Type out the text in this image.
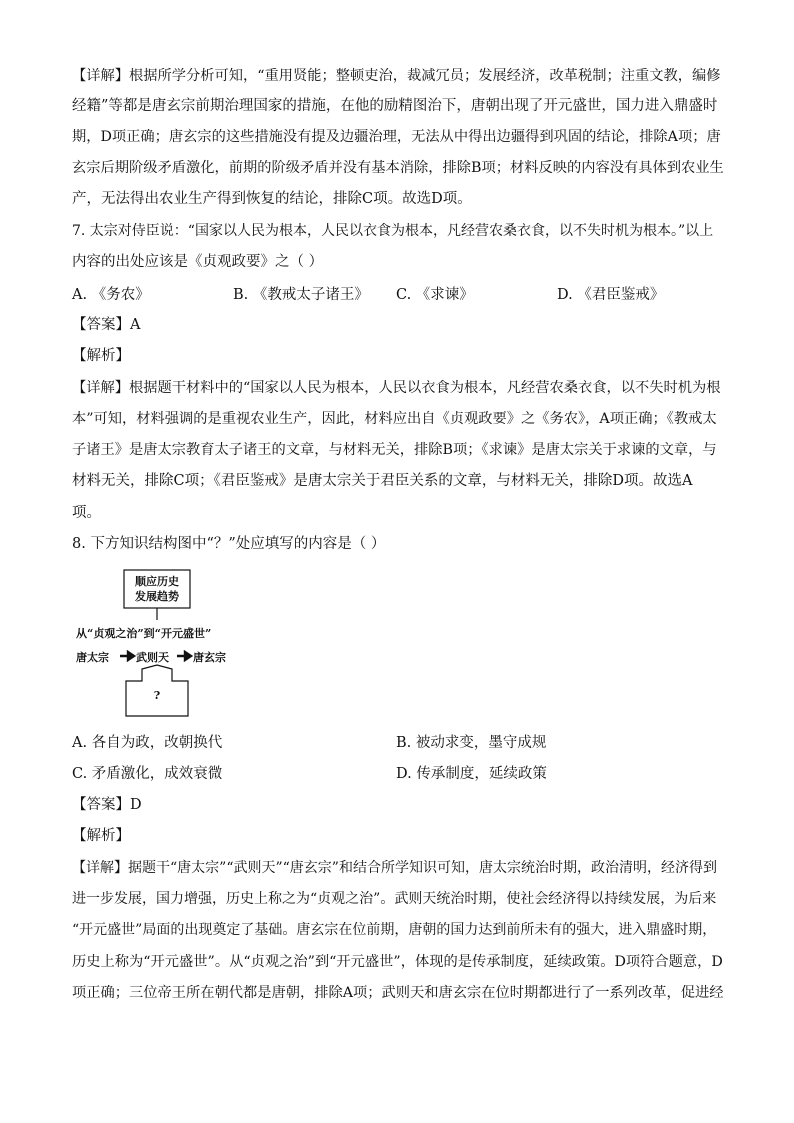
【详解】根据所学分析可知，“重用贤能；整顿吏治，裁减冗员；发展经济，改革税制；注重文教，编修
经籍”等都是唐玄宗前期治理国家的措施，在他的励精图治下，唐朝出现了开元盛世，国力进入鼎盛时
期，D项正确；唐玄宗的这些措施没有提及边疆治理，无法从中得出边疆得到巩固的结论，排除A项；唐
玄宗后期阶级矛盾激化，前期的阶级矛盾并没有基本消除，排除B项；材料反映的内容没有具体到农业生
产，无法得出农业生产得到恢复的结论，排除C项。故选D项。
7. 太宗对侍臣说：“国家以人民为根本，人民以衣食为根本，凡经营农桑衣食，以不失时机为根本。”以上
内容的出处应该是《贞观政要》之（ ）
A. 《务农》	B. 《教戒太子诸王》 C. 《求谏》	D. 《君臣鉴戒》
【答案】A
【解析】
【详解】根据题干材料中的“国家以人民为根本，人民以衣食为根本，凡经营农桑衣食，以不失时机为根
本”可知，材料强调的是重视农业生产，因此，材料应出自《贞观政要》之《务农》，A项正确；《教戒太
子诸王》是唐太宗教育太子诸王的文章，与材料无关，排除B项；《求谏》是唐太宗关于求谏的文章，与
材料无关，排除C项；《君臣鉴戒》是唐太宗关于君臣关系的文章，与材料无关，排除D项。故选A
项。
8. 下方知识结构图中“？”处应填写的内容是（ ）
顺应历史
发展趋势
从“贞观之治”到“开元盛世”
唐太宗 武则天 唐玄宗
?
A. 各自为政，改朝换代	B. 被动求变，墨守成规
C. 矛盾激化，成效衰微	D. 传承制度，延续政策
【答案】D
【解析】
【详解】据题干“唐太宗”“武则天”“唐玄宗”和结合所学知识可知，唐太宗统治时期，政治清明，经济得到
进一步发展，国力增强，历史上称之为“贞观之治”。武则天统治时期，使社会经济得以持续发展，为后来
“开元盛世”局面的出现奠定了基础。唐玄宗在位前期，唐朝的国力达到前所未有的强大，进入鼎盛时期，
历史上称为“开元盛世”。从“贞观之治”到“开元盛世”，体现的是传承制度，延续政策。D项符合题意，D
项正确；三位帝王所在朝代都是唐朝，排除A项；武则天和唐玄宗在位时期都进行了一系列改革，促进经
